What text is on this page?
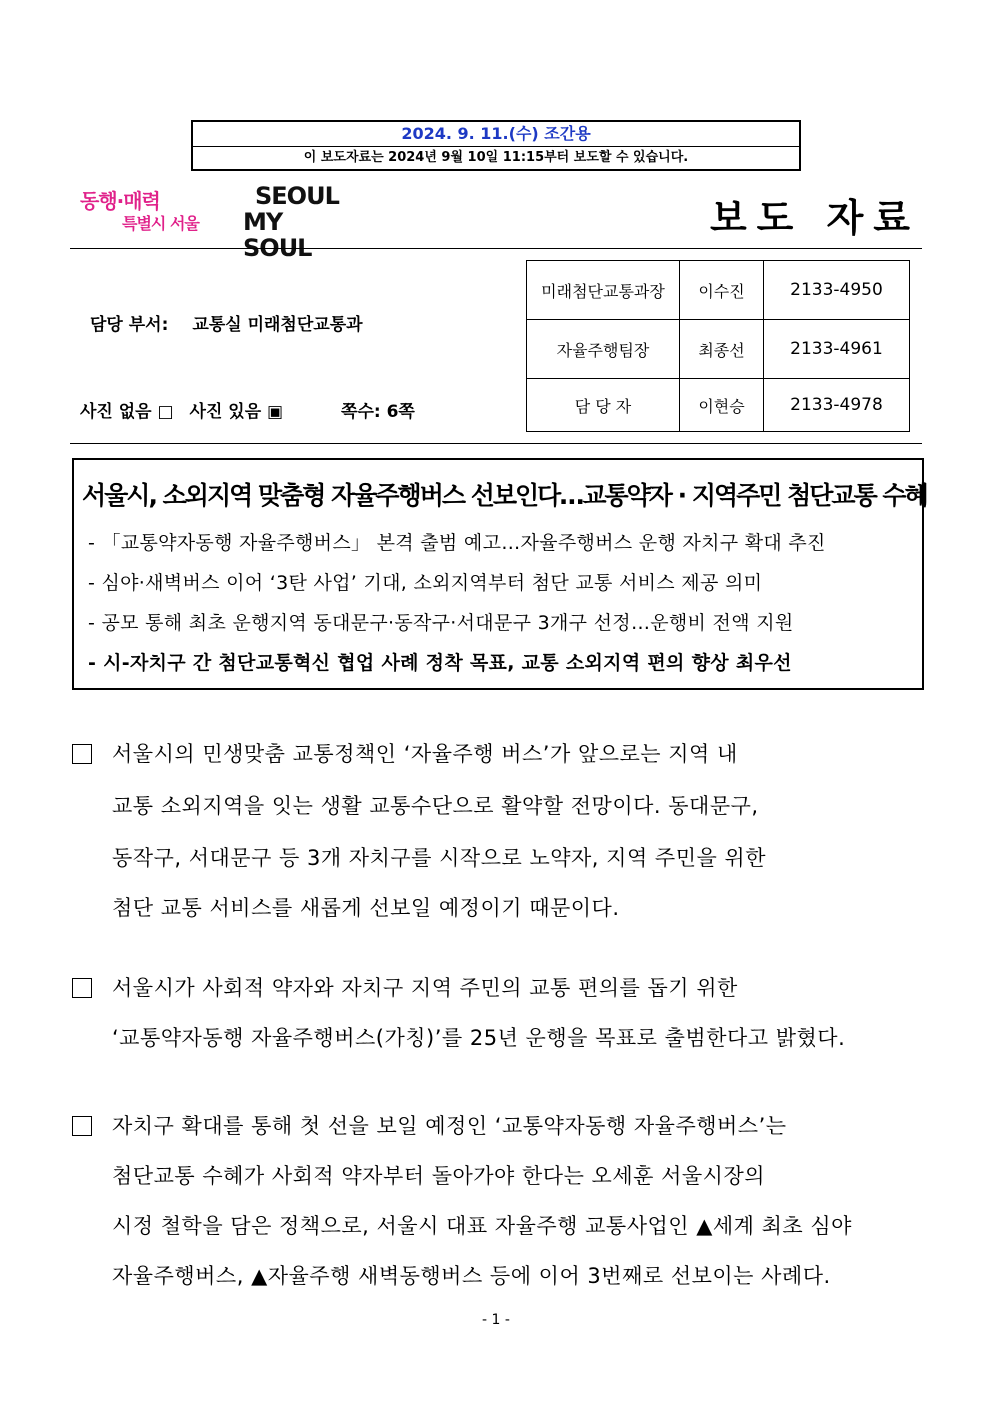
2024. 9. 11.(수) 조간용
이 보도자료는 2024년 9월 10일 11:15부터 보도할 수 있습니다.
동행·매력
특별시 서울
SEOUL
MY SOUL
보도 자료
담당 부서: 교통실 미래첨단교통과
사진 없음 □ 사진 있음 ▣	쪽수: 6쪽
미래첨단교통과장	이수진	2133-4950
자율주행팀장	최종선	2133-4961
담 당 자	이현승	2133-4978
서울시, 소외지역 맞춤형 자율주행버스 선보인다…교통약자 · 지역주민 첨단교통 수혜
- 「교통약자동행 자율주행버스」 본격 출범 예고…자율주행버스 운행 자치구 확대 추진
- 심야·새벽버스 이어 ‘3탄 사업’ 기대, 소외지역부터 첨단 교통 서비스 제공 의미
- 공모 통해 최초 운행지역 동대문구·동작구·서대문구 3개구 선정…운행비 전액 지원
- 시-자치구 간 첨단교통혁신 협업 사례 정착 목표, 교통 소외지역 편의 향상 최우선
서울시의 민생맞춤 교통정책인 ‘자율주행 버스’가 앞으로는 지역 내
교통 소외지역을 잇는 생활 교통수단으로 활약할 전망이다. 동대문구,
동작구, 서대문구 등 3개 자치구를 시작으로 노약자, 지역 주민을 위한
첨단 교통 서비스를 새롭게 선보일 예정이기 때문이다.
서울시가 사회적 약자와 자치구 지역 주민의 교통 편의를 돕기 위한
‘교통약자동행 자율주행버스(가칭)’를 25년 운행을 목표로 출범한다고 밝혔다.
자치구 확대를 통해 첫 선을 보일 예정인 ‘교통약자동행 자율주행버스’는
첨단교통 수혜가 사회적 약자부터 돌아가야 한다는 오세훈 서울시장의
시정 철학을 담은 정책으로, 서울시 대표 자율주행 교통사업인 ▲세계 최초 심야
자율주행버스, ▲자율주행 새벽동행버스 등에 이어 3번째로 선보이는 사례다.
- 1 -
